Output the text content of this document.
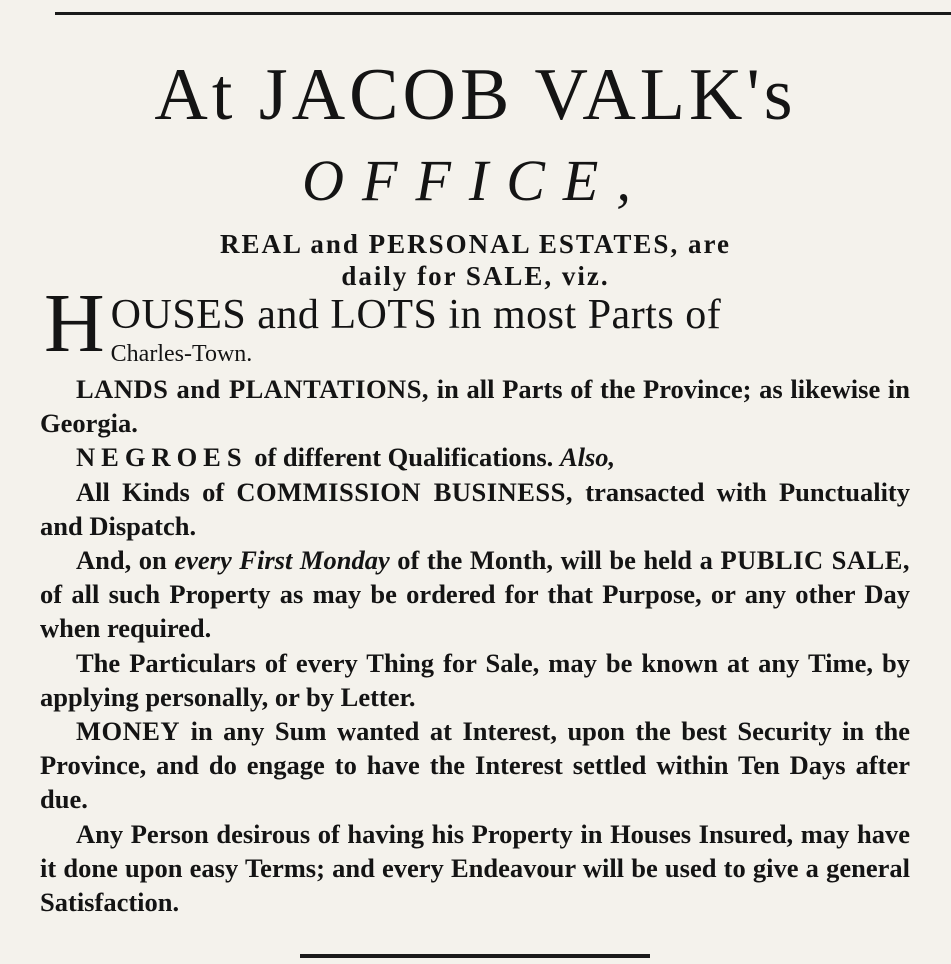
At JACOB VALK's
OFFICE,
REAL and PERSONAL ESTATES, are
daily for SALE, viz.
H OUSES and LOTS in most Parts of
Charles-Town.

LANDS and PLANTATIONS, in all Parts of the Province; as likewise in Georgia.

NEGROES of different Qualifications. Also,

All Kinds of COMMISSION BUSINESS, transacted with Punctuality and Dispatch.

And, on every First Monday of the Month, will be held a PUBLIC SALE, of all such Property as may be ordered for that Purpose, or any other Day when required.

The Particulars of every Thing for Sale, may be known at any Time, by applying personally, or by Letter.

MONEY in any Sum wanted at Interest, upon the best Security in the Province, and do engage to have the Interest settled within Ten Days after due.

Any Person desirous of having his Property in Houses Insured, may have it done upon easy Terms; and every Endeavour will be used to give a general Satisfaction.
